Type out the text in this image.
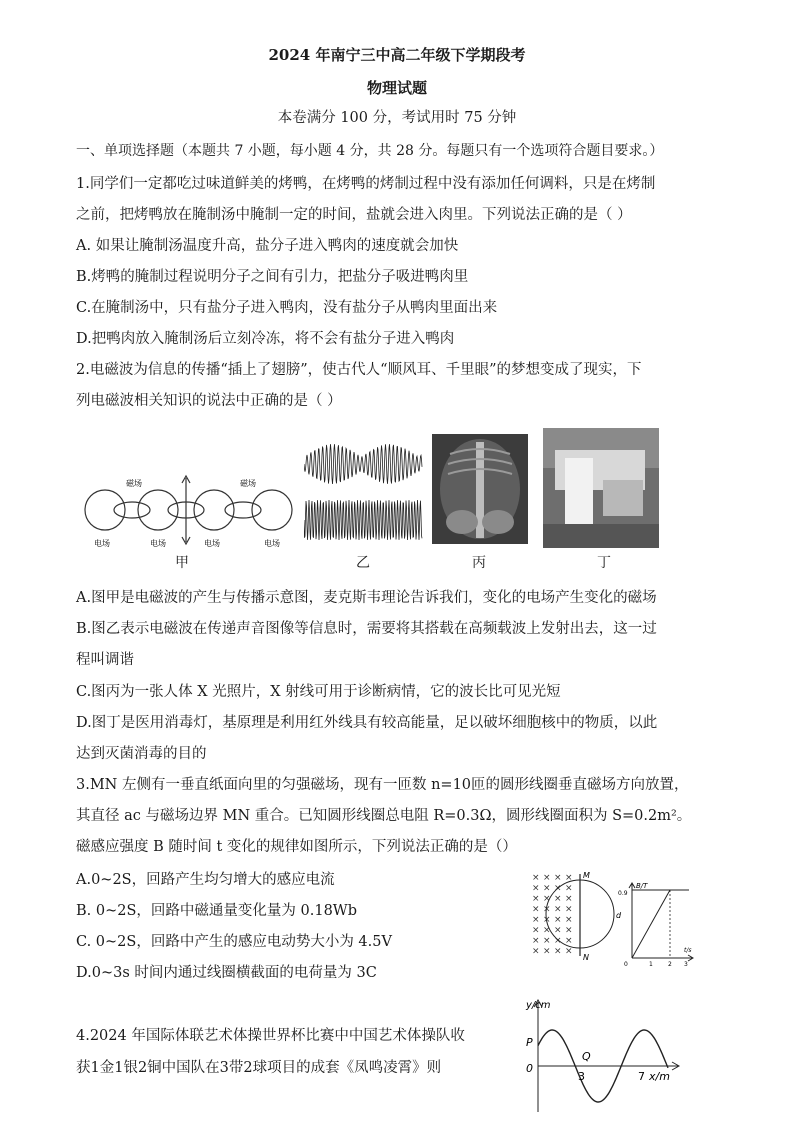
2024 年南宁三中高二年级下学期段考
物理试题
本卷满分 100 分，考试用时 75 分钟
一、单项选择题（本题共 7 小题，每小题 4 分，共 28 分。每题只有一个选项符合题目要求。）
1.同学们一定都吃过味道鲜美的烤鸭，在烤鸭的烤制过程中没有添加任何调料，只是在烤制
之前，把烤鸭放在腌制汤中腌制一定的时间，盐就会进入肉里。下列说法正确的是（ ）
A. 如果让腌制汤温度升高，盐分子进入鸭肉的速度就会加快
B.烤鸭的腌制过程说明分子之间有引力，把盐分子吸进鸭肉里
C.在腌制汤中，只有盐分子进入鸭肉，没有盐分子从鸭肉里面出来
D.把鸭肉放入腌制汤后立刻冷冻，将不会有盐分子进入鸭肉
2.电磁波为信息的传播“插上了翅膀”，使古代人“顺风耳、千里眼”的梦想变成了现实，下
列电磁波相关知识的说法中正确的是（ ）
磁场	磁场
电场	电场	电场	电场
甲	乙	丙	丁
A.图甲是电磁波的产生与传播示意图，麦克斯韦理论告诉我们，变化的电场产生变化的磁场
B.图乙表示电磁波在传递声音图像等信息时，需要将其搭载在高频载波上发射出去，这一过
程叫调谐
C.图丙为一张人体 X 光照片，X 射线可用于诊断病情，它的波长比可见光短
D.图丁是医用消毒灯，基原理是利用红外线具有较高能量，足以破坏细胞核中的物质，以此
达到灭菌消毒的目的
3.MN 左侧有一垂直纸面向里的匀强磁场，现有一匝数 n=10匝的圆形线圈垂直磁场方向放置，
其直径 ac 与磁场边界 MN 重合。已知圆形线圈总电阻 R=0.3Ω，圆形线圈面积为 S=0.2m²。
磁感应强度 B 随时间 t 变化的规律如图所示，下列说法正确的是（）
A.0~2S，回路产生均匀增大的感应电流
B. 0~2S，回路中磁通量变化量为 0.18Wb
C. 0~2S，回路中产生的感应电动势大小为 4.5V
D.0~3s 时间内通过线圈横截面的电荷量为 3C
× × × ×
× × × ×
× × × ×
× × × ×
× × × ×
× × × ×
× × × ×
× × × ×
M
N
d
B/T
0.9
0	1	2 3
t/s
4.2024 年国际体联艺术体操世界杯比赛中中国艺术体操队收
获1金1银2铜中国队在3带2球项目的成套《凤鸣凌霄》则
y/cm
P
0
Q
3	7 x/m
